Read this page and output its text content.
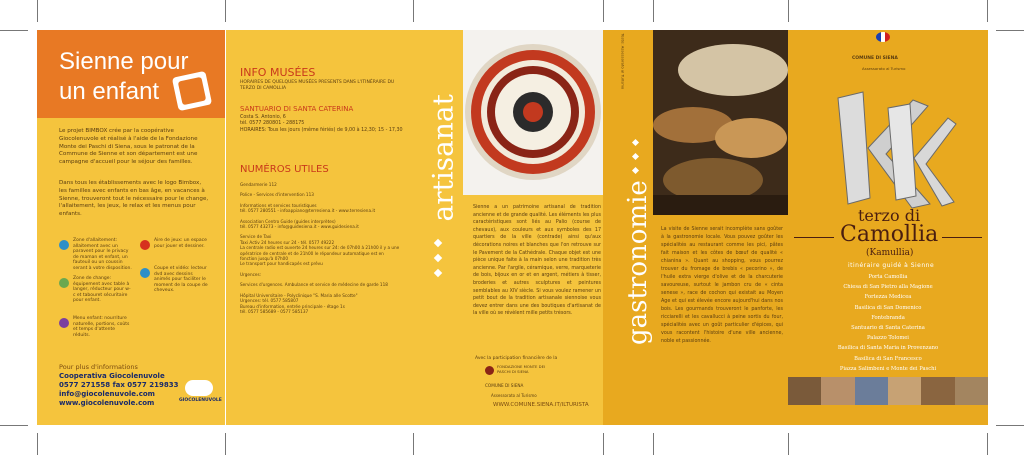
Sienne pour
un enfant
Le projet BIMBOX crée par la coopérative Giocolenuvole et réalisé à l'aide de la Fondazione Monte dei Paschi di Siena, sous le patronat de la Commune de Sienne et son département est une campagne d'accueil pour le séjour des familles.
Dans tous les établissements avec le logo Bimbox, les familles avec enfants en bas âge, en vacances à Sienne, trouveront tout le nécessaire pour le change, l'allaitement, les jeux, le relax et les menus pour enfants.
Zone d'allaitement: allaitement avec un paravent pour le privacy de maman et enfant, un fauteuil ou un coussin serant à votre disposition.
Aire de jeux: un espace pour jouer et dessiner.
Zone de change: équipement avec table à langer, réducteur pour w-c et tabouret sécuritaire pour enfant.
Coupe et vidéo: lecteur dvd avec dessins animés pour faciliter le moment de la coupe de cheveux.
Menu enfant: nourriture naturelle, portions, coûts et temps d'attente réduits.
Pour plus d'informations
Cooperativa Giocolenuvole
0577 271558 fax 0577 219833
info@giocolenuvole.com
www.giocolenuvole.com	GIOCOLENUVOLE
INFO MUSÉES
HORAIRES DE QUELQUES MUSÉES PRESENTS DANS L'ITINÉRAIRE DU TERZO DI CAMOLLIA
SANTUARIO DI SANTA CATERINA
Costa S. Antonio, 6
tél. 0577 280801 - 288175
HORAIRES: Tous les jours (même fériés) de 9,00 à 12,30; 15 - 17,30
NUMÉROS UTILES
Gendarmerie 112
Police - Services d'intervention 113
Informations et services touristiques
tél. 0577 280551 - infoappiano@terresiena.it - www.terresiena.it
Association Centro Guide (guides interprètes)
tél. 0577 43273 - info@guidesiena.it - www.guidesiena.it
Service de Taxi
Taxi Activ 24 heures sur 24 - tél. 0577 49222
La centrale radio est ouverte 24 heures sur 24: de 07h00 à 21h00 il y a une opératrice de centrale et de 21h00 le répondeur automatique est en fonction jusqu'à 07h00
Le transport pour handicapés est prévu
Urgences:
Services d'urgences. Ambulance et service de médecine de garde 118
Hôpital Universitaire - Polyclinique "S. Maria alle Scotte"
Urgences: tél. 0577 585807
Bureau d'information, entrée principale - étage 1s
tél. 0577 585689 - 0577 585137
artisanat	Sienne a un patrimoine artisanal de tradition ancienne et de grande qualité. Les éléments les plus caractéristiques sont liés au Palio (course de chevaux), aux couleurs et aux symboles des 17 quartiers de la ville (contrade) ainsi qu'aux décorations noires et blanches que l'on retrouve sur le Pavement de la Cathédrale. Chaque objet est une pièce unique faite à la main selon une tradition très ancienne. Par l'argile, céramique, verre, marqueterie de bois, bijoux en or et en argent, métiers à tisser, broderies et autres sculptures et peintures semblables au XIV siècle. Si vous voulez ramener un petit bout de la tradition artisanale siennoise vous devez entrer dans une des boutiques d'artisanat de la ville où se révèlent mille petits trésors.
Avec la participation financière de la
FONDAZIONE MONTE DEI PASCHI DI SIENA
COMUNE DI SIENA
Assessorato al Turismo
WWW.COMUNE.SIENA.IT/ILTURISTA
Testo: Assessorato al Turismo
gastronomie La visite de Sienne serait incomplète sans goûter à la gastronomie locale. Vous pouvez goûter les spécialités au restaurant comme les pici, pâtes fait maison et les côtes de bœuf de qualité « chianina ». Quant au shopping, vous pourrez trouver du fromage de brebis « pecorino », de l'huile extra vierge d'olive et de la charcuterie savoureuse, surtout le jambon cru de « cinta senese », race de cochon qui existait au Moyen Age et qui est élevée encore aujourd'hui dans nos bois. Les gourmands trouveront le panforte, les ricciarelli et les cavallucci à peine sortis du four, spécialités avec un goût particulier d'épices, qui vous racontent l'histoire d'une ville ancienne, noble et passionnée.
COMUNE DI SIENA
Assessorato al Turismo
terzo di
Camollia
(Kamullia)
itinéraire guidé à Sienne
Porta Camollia
Chiesa di San Pietro alla Magione
Fortezza Medicea
Basilica di San Domenico
Fontebranda
Santuario di Santa Caterina
Palazzo Tolomei
Basilica di Santa Maria in Provenzano
Basilica di San Francesco
Piazza Salimbeni e Monte dei Paschi
